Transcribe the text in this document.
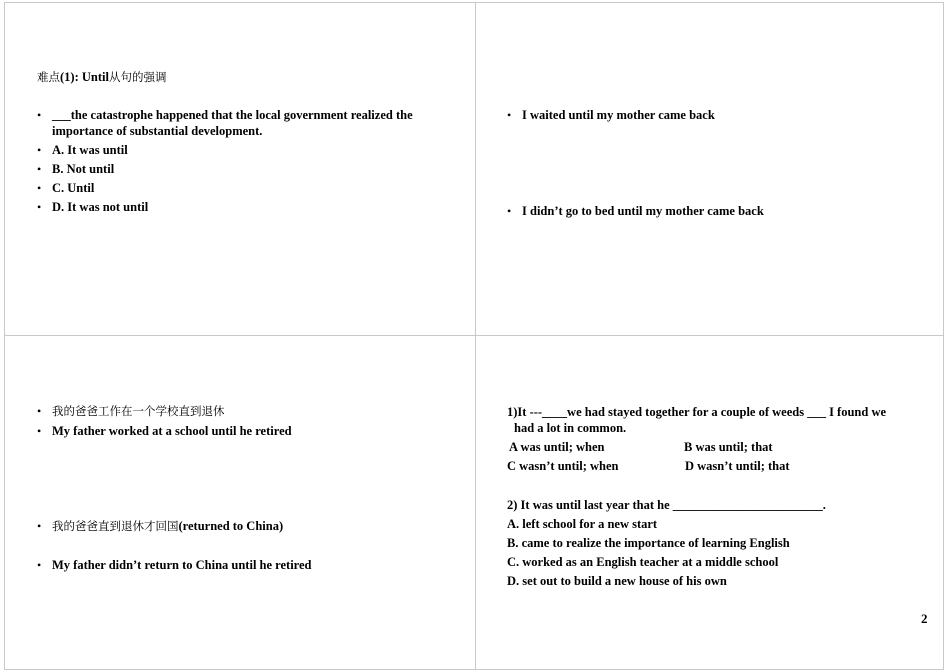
难点(1): Until从句的强调
• ___the catastrophe happened that the local government realized the importance of substantial development.
• A. It was until
• B. Not until
• C. Until
• D. It was not until
• I waited until my mother came back
• I didn’t go to bed until my mother came back
• 我的爸爸工作在一个学校直到退休
• My father worked at a school until he retired
• 我的爸爸直到退休才回国(returned to China)
• My father didn’t return to China until he retired
1)It ---____we had stayed together for a couple of weeds ___ I found we
had a lot in common.
A was until; when	B was until; that
C wasn’t until; when	D wasn’t until; that
2) It was until last year that he ________________________.
A. left school for a new start
B. came to realize the importance of learning English
C. worked as an English teacher at a middle school
D. set out to build a new house of his own
2
